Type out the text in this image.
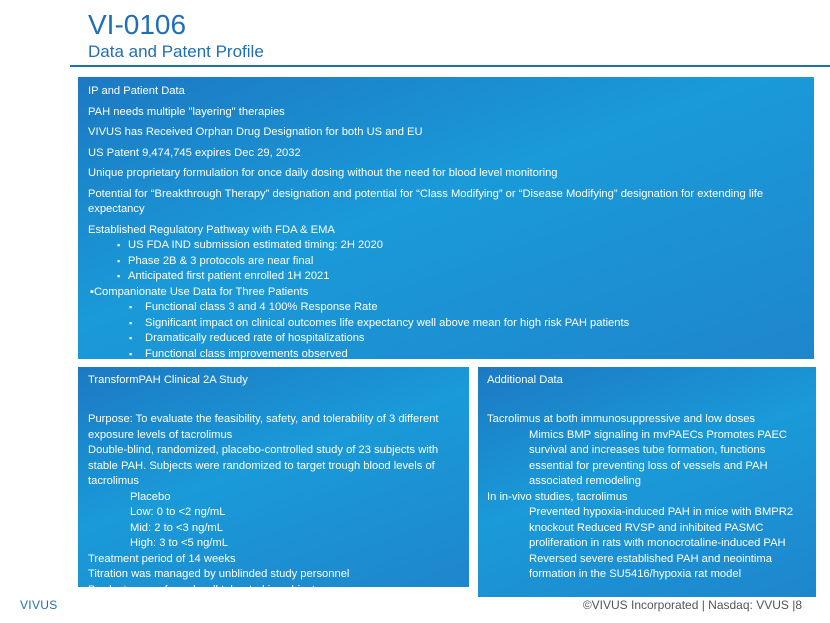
VI-0106
Data and Patent Profile

IP and Patient Data

PAH needs multiple "layering" therapies

VIVUS has Received Orphan Drug Designation for both US and EU

US Patent 9,474,745 expires Dec 29, 2032

Unique proprietary formulation for once daily dosing without the need for blood level monitoring

Potential for “Breakthrough Therapy” designation and potential for “Class Modifying” or “Disease Modifying” designation for extending life expectancy

Established Regulatory Pathway with FDA & EMA

▪ US FDA IND submission estimated timing: 2H 2020

▪ Phase 2B & 3 protocols are near final

▪ Anticipated first patient enrolled 1H 2021

▪Companionate Use Data for Three Patients

▪ Functional class 3 and 4 100% Response Rate

▪ Significant impact on clinical outcomes life expectancy well above mean for high risk PAH patients

▪ Dramatically reduced rate of hospitalizations

▪ Functional class improvements observed

TransformPAH Clinical 2A Study

Purpose: To evaluate the feasibility, safety, and tolerability of 3 different exposure levels of tacrolimus

Double-blind, randomized, placebo-controlled study of 23 subjects with stable PAH. Subjects were randomized to target trough blood levels of tacrolimus

Placebo

Low: 0 to <2 ng/mL

Mid: 2 to <3 ng/mL

High: 3 to <5 ng/mL

Treatment period of 14 weeks

Titration was managed by unblinded study personnel

Product was safe and well tolerated in subjects

Additional Data

Tacrolimus at both immunosuppressive and low doses

Mimics BMP signaling in mvPAECs Promotes PAEC survival and increases tube formation, functions essential for preventing loss of vessels and PAH associated remodeling

In in-vivo studies, tacrolimus

Prevented hypoxia-induced PAH in mice with BMPR2 knockout Reduced RVSP and inhibited PASMC proliferation in rats with monocrotaline-induced PAH

Reversed severe established PAH and neointima formation in the SU5416/hypoxia rat model

VIVUS	©VIVUS Incorporated | Nasdaq: VVUS |8
